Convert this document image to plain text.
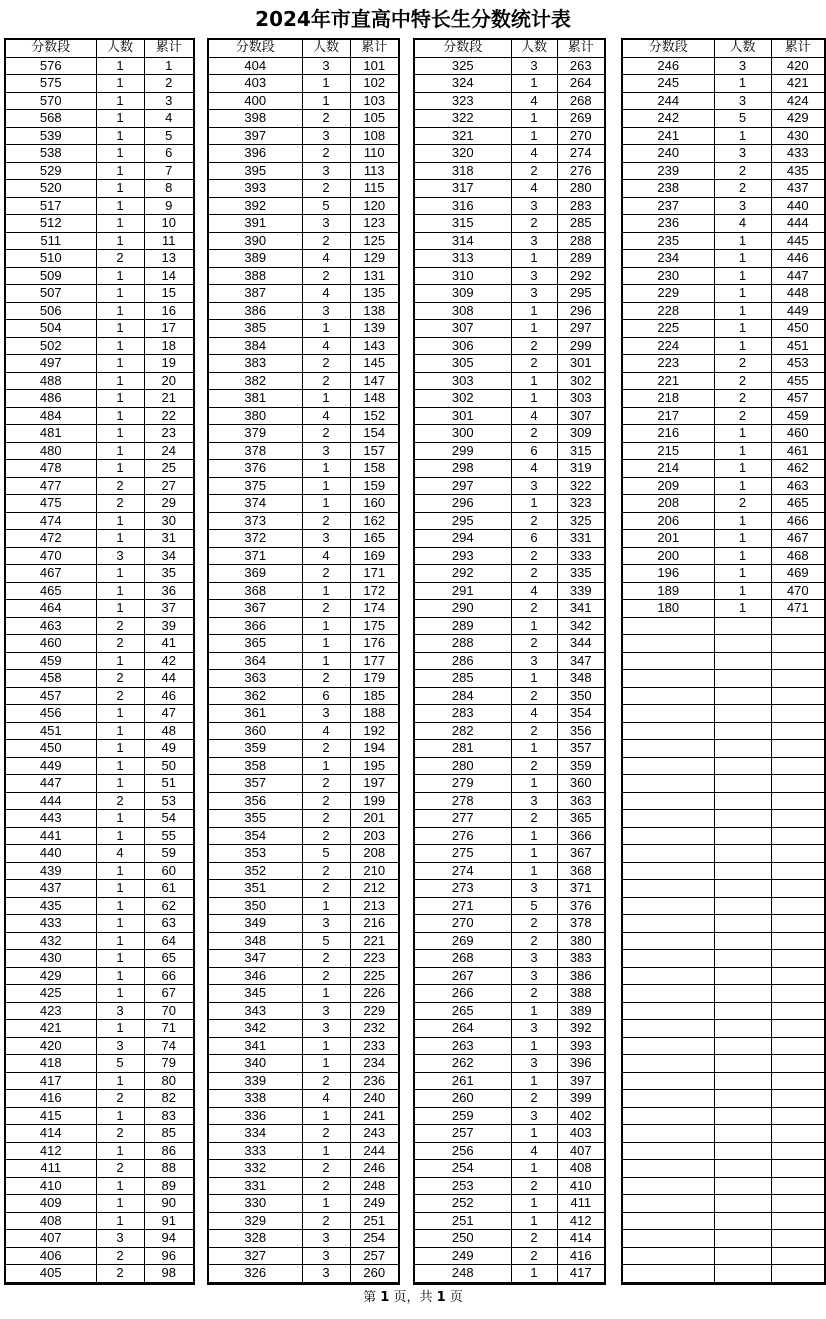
2024年市直高中特长生分数统计表
分数段	人数	累计
576	1	1
575	1	2
570	1	3
568	1	4
539	1	5
538	1	6
529	1	7
520	1	8
517	1	9
512	1	10
511	1	11
510	2	13
509	1	14
507	1	15
506	1	16
504	1	17
502	1	18
497	1	19
488	1	20
486	1	21
484	1	22
481	1	23
480	1	24
478	1	25
477	2	27
475	2	29
474	1	30
472	1	31
470	3	34
467	1	35
465	1	36
464	1	37
463	2	39
460	2	41
459	1	42
458	2	44
457	2	46
456	1	47
451	1	48
450	1	49
449	1	50
447	1	51
444	2	53
443	1	54
441	1	55
440	4	59
439	1	60
437	1	61
435	1	62
433	1	63
432	1	64
430	1	65
429	1	66
425	1	67
423	3	70
421	1	71
420	3	74
418	5	79
417	1	80
416	2	82
415	1	83
414	2	85
412	1	86
411	2	88
410	1	89
409	1	90
408	1	91
407	3	94
406	2	96
405	2	98
分数段	人数	累计
404	3	101
403	1	102
400	1	103
398	2	105
397	3	108
396	2	110
395	3	113
393	2	115
392	5	120
391	3	123
390	2	125
389	4	129
388	2	131
387	4	135
386	3	138
385	1	139
384	4	143
383	2	145
382	2	147
381	1	148
380	4	152
379	2	154
378	3	157
376	1	158
375	1	159
374	1	160
373	2	162
372	3	165
371	4	169
369	2	171
368	1	172
367	2	174
366	1	175
365	1	176
364	1	177
363	2	179
362	6	185
361	3	188
360	4	192
359	2	194
358	1	195
357	2	197
356	2	199
355	2	201
354	2	203
353	5	208
352	2	210
351	2	212
350	1	213
349	3	216
348	5	221
347	2	223
346	2	225
345	1	226
343	3	229
342	3	232
341	1	233
340	1	234
339	2	236
338	4	240
336	1	241
334	2	243
333	1	244
332	2	246
331	2	248
330	1	249
329	2	251
328	3	254
327	3	257
326	3	260
分数段	人数	累计
325	3	263
324	1	264
323	4	268
322	1	269
321	1	270
320	4	274
318	2	276
317	4	280
316	3	283
315	2	285
314	3	288
313	1	289
310	3	292
309	3	295
308	1	296
307	1	297
306	2	299
305	2	301
303	1	302
302	1	303
301	4	307
300	2	309
299	6	315
298	4	319
297	3	322
296	1	323
295	2	325
294	6	331
293	2	333
292	2	335
291	4	339
290	2	341
289	1	342
288	2	344
286	3	347
285	1	348
284	2	350
283	4	354
282	2	356
281	1	357
280	2	359
279	1	360
278	3	363
277	2	365
276	1	366
275	1	367
274	1	368
273	3	371
271	5	376
270	2	378
269	2	380
268	3	383
267	3	386
266	2	388
265	1	389
264	3	392
263	1	393
262	3	396
261	1	397
260	2	399
259	3	402
257	1	403
256	4	407
254	1	408
253	2	410
252	1	411
251	1	412
250	2	414
249	2	416
248	1	417
分数段	人数	累计
246	3	420
245	1	421
244	3	424
242	5	429
241	1	430
240	3	433
239	2	435
238	2	437
237	3	440
236	4	444
235	1	445
234	1	446
230	1	447
229	1	448
228	1	449
225	1	450
224	1	451
223	2	453
221	2	455
218	2	457
217	2	459
216	1	460
215	1	461
214	1	462
209	1	463
208	2	465
206	1	466
201	1	467
200	1	468
196	1	469
189	1	470
180	1	471

第 1 页，共 1 页
